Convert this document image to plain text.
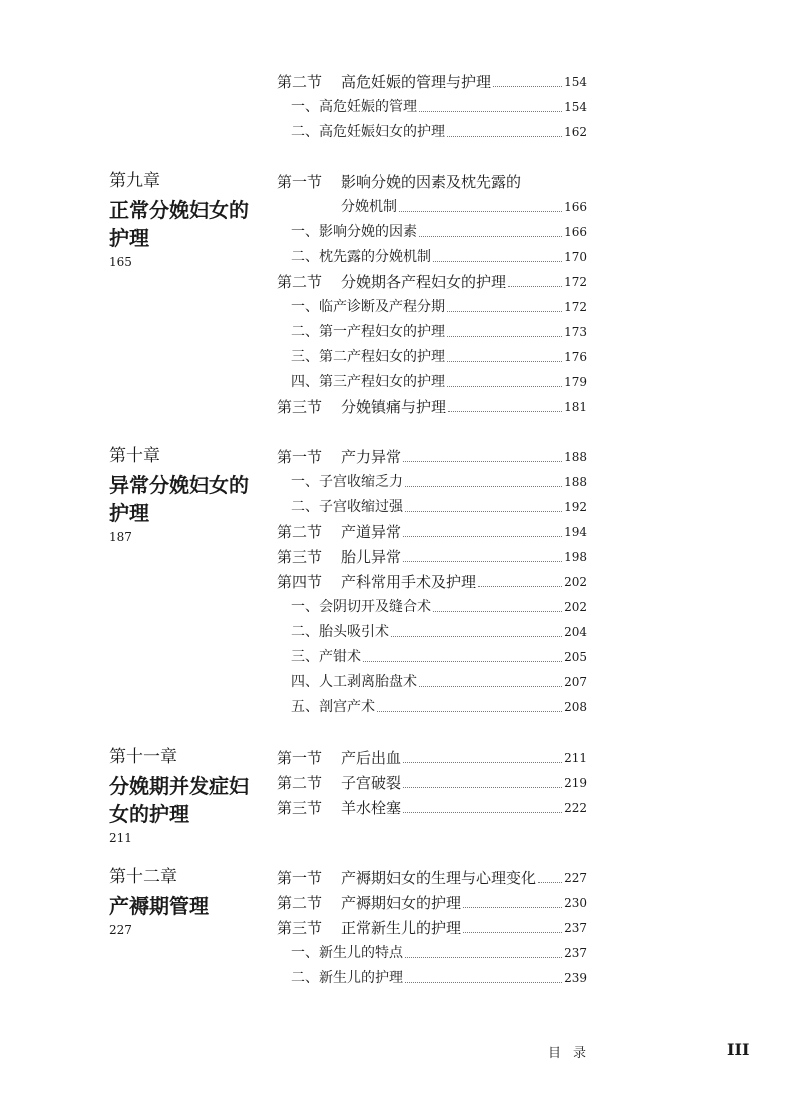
第二节 高危妊娠的管理与护理	154
一、高危妊娠的管理	154
二、高危妊娠妇女的护理	162
第九章
正常分娩妇女的
护理
165
第一节 影响分娩的因素及枕先露的
分娩机制	166
一、影响分娩的因素	166
二、枕先露的分娩机制	170
第二节 分娩期各产程妇女的护理	172
一、临产诊断及产程分期	172
二、第一产程妇女的护理	173
三、第二产程妇女的护理	176
四、第三产程妇女的护理	179
第三节 分娩镇痛与护理	181
第十章
异常分娩妇女的
护理
187
第一节 产力异常	188
一、子宫收缩乏力	188
二、子宫收缩过强	192
第二节 产道异常	194
第三节 胎儿异常	198
第四节 产科常用手术及护理	202
一、会阴切开及缝合术	202
二、胎头吸引术	204
三、产钳术	205
四、人工剥离胎盘术	207
五、剖宫产术	208
第十一章
分娩期并发症妇
女的护理
211
第一节 产后出血	211
第二节 子宫破裂	219
第三节 羊水栓塞	222
第十二章
产褥期管理
227
第一节 产褥期妇女的生理与心理变化 227
第二节 产褥期妇女的护理	230
第三节 正常新生儿的护理	237
一、新生儿的特点	237
二、新生儿的护理	239
目录	III
